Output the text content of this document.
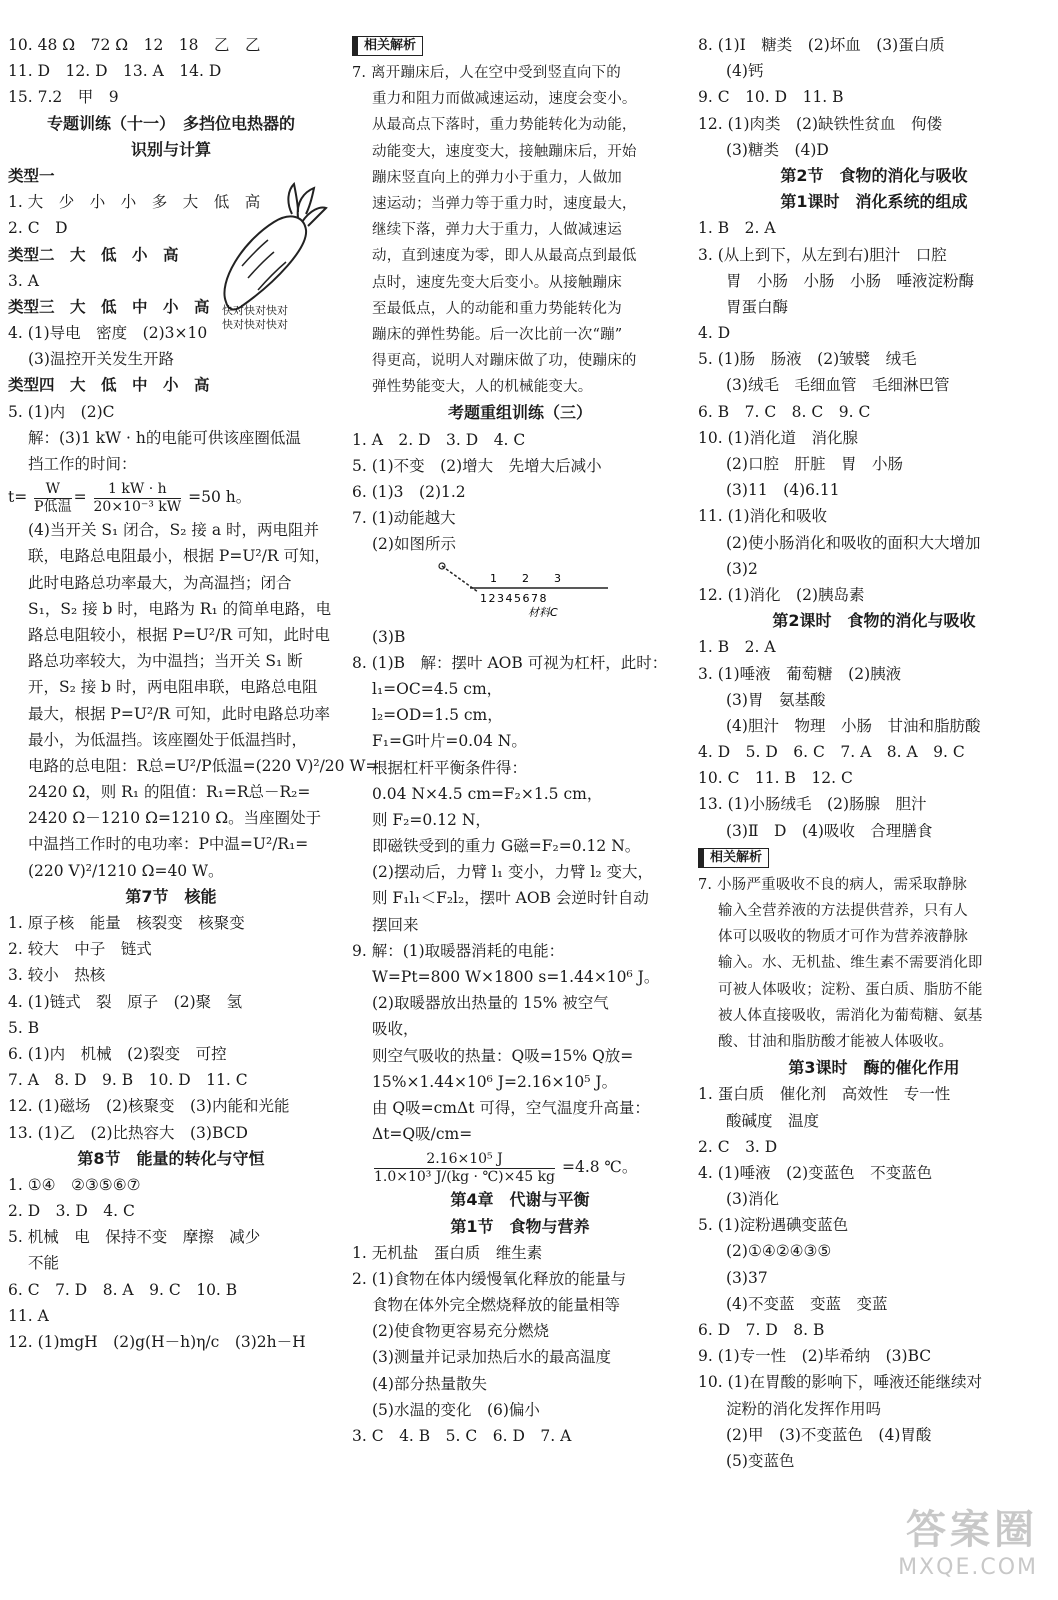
10. 48 Ω　72 Ω　12　18　乙　乙
11. D　12. D　13. A　14. D
15. 7.2　甲　9
专题训练（十一）　多挡位电热器的
识别与计算
类型一
1. 大　少　小　小　多　大　低　高
2. C　D
类型二　大　低　小　高
3. A
类型三　大　低　中　小　高
4. (1)导电　密度　(2)3×10
(3)温控开关发生开路
类型四　大　低　中　小　高
5. (1)内　(2)C
解：(3)1 kW · h的电能可供该座圈低温
挡工作的时间：
$t= \frac{W}{\text{P低温}} = \frac{1 kW \cdot h}{\text{20×10⁻³ kW}} =50$ h。
(4)当开关 S₁ 闭合，S₂ 接 a 时，两电阻并
联，电路总电阻最小，根据 P=U²/R 可知，
此时电路总功率最大，为高温挡；闭合
S₁，S₂ 接 b 时，电路为 R₁ 的简单电路，电
路总电阻较小，根据 P=U²/R 可知，此时电
路总功率较大，为中温挡；当开关 S₁ 断
开，S₂ 接 b 时，两电阻串联，电路总电阻
最大，根据 P=U²/R 可知，此时电路总功率
最小，为低温挡。该座圈处于低温挡时，
电路的总电阻：R总=U²/P低温=(220 V)²/20 W=
2420 Ω，则 R₁ 的阻值：R₁=R总－R₂=
2420 Ω－1210 Ω=1210 Ω。当座圈处于
中温挡工作时的电功率：P中温=U²/R₁=
(220 V)²/1210 Ω=40 W。
第7节　核能
1. 原子核　能量　核裂变　核聚变
2. 较大　中子　链式
3. 较小　热核
4. (1)链式　裂　原子　(2)聚　氢
5. B
6. (1)内　机械　(2)裂变　可控
7. A　8. D　9. B　10. D　11. C
12. (1)磁场　(2)核聚变　(3)内能和光能
13. (1)乙　(2)比热容大　(3)BCD
第8节　能量的转化与守恒
1. ①④　②③⑤⑥⑦
2. D　3. D　4. C
5. 机械　电　保持不变　摩擦　减少
不能
6. C　7. D　8. A　9. C　10. B
11. A
12. (1)mgH　(2)g(H－h)η/c　(3)2h－H
快对快对快对
快对快对快对
相关解析
7. 离开蹦床后，人在空中受到竖直向下的
重力和阻力而做减速运动，速度会变小。
从最高点下落时，重力势能转化为动能，
动能变大，速度变大，接触蹦床后，开始
蹦床竖直向上的弹力小于重力，人做加
速运动；当弹力等于重力时，速度最大，
继续下落，弹力大于重力，人做减速运
动，直到速度为零，即人从最高点到最低
点时，速度先变大后变小。从接触蹦床
至最低点，人的动能和重力势能转化为
蹦床的弹性势能。后一次比前一次“蹦”
得更高，说明人对蹦床做了功，使蹦床的
弹性势能变大，人的机械能变大。
考题重组训练（三）
1. A　2. D　3. D　4. C
5. (1)不变　(2)增大　先增大后减小
6. (1)3　(2)1.2
7. (1)动能越大
(2)如图所示
1 2 3
12345678
材料C
(3)B
8. (1)B　解：摆叶 AOB 可视为杠杆，此时：
l₁=OC=4.5 cm，
l₂=OD=1.5 cm，
F₁=G叶片=0.04 N。
根据杠杆平衡条件得：
0.04 N×4.5 cm=F₂×1.5 cm，
则 F₂=0.12 N，
即磁铁受到的重力 G磁=F₂=0.12 N。
(2)摆动后，力臂 l₁ 变小，力臂 l₂ 变大，
则 F₁l₁＜F₂l₂，摆叶 AOB 会逆时针自动
摆回来
9. 解：(1)取暖器消耗的电能：
W=Pt=800 W×1800 s=1.44×10⁶ J。
(2)取暖器放出热量的 15% 被空气
吸收，
则空气吸收的热量：Q吸=15% Q放=
15%×1.44×10⁶ J=2.16×10⁵ J。
由 Q吸=cmΔt 可得，空气温度升高量：
Δt=Q吸/cm=
$\frac{\text{2.16×10⁵ J}}{\text{1.0×10³ J/(kg · ℃)×45 kg}} =4.8$ ℃。
第4章　代谢与平衡
第1节　食物与营养
1. 无机盐　蛋白质　维生素
2. (1)食物在体内缓慢氧化释放的能量与
食物在体外完全燃烧释放的能量相等
(2)使食物更容易充分燃烧
(3)测量并记录加热后水的最高温度
(4)部分热量散失
(5)水温的变化　(6)偏小
3. C　4. B　5. C　6. D　7. A
8. (1)Ⅰ　糖类　(2)坏血　(3)蛋白质
(4)钙
9. C　10. D　11. B
12. (1)肉类　(2)缺铁性贫血　佝偻
(3)糖类　(4)D
第2节　食物的消化与吸收
第1课时　消化系统的组成
1. B　2. A
3. (从上到下，从左到右)胆汁　口腔
胃　小肠　小肠　小肠　唾液淀粉酶
胃蛋白酶
4. D
5. (1)肠　肠液　(2)皱襞　绒毛
(3)绒毛　毛细血管　毛细淋巴管
6. B　7. C　8. C　9. C
10. (1)消化道　消化腺
(2)口腔　肝脏　胃　小肠
(3)11　(4)6.11
11. (1)消化和吸收
(2)使小肠消化和吸收的面积大大增加
(3)2
12. (1)消化　(2)胰岛素
第2课时　食物的消化与吸收
1. B　2. A
3. (1)唾液　葡萄糖　(2)胰液
(3)胃　氨基酸
(4)胆汁　物理　小肠　甘油和脂肪酸
4. D　5. D　6. C　7. A　8. A　9. C
10. C　11. B　12. C
13. (1)小肠绒毛　(2)肠腺　胆汁
(3)Ⅱ　D　(4)吸收　合理膳食
相关解析
7. 小肠严重吸收不良的病人，需采取静脉
输入全营养液的方法提供营养，只有人
体可以吸收的物质才可作为营养液静脉
输入。水、无机盐、维生素不需要消化即
可被人体吸收；淀粉、蛋白质、脂肪不能
被人体直接吸收，需消化为葡萄糖、氨基
酸、甘油和脂肪酸才能被人体吸收。
第3课时　酶的催化作用
1. 蛋白质　催化剂　高效性　专一性
酸碱度　温度
2. C　3. D
4. (1)唾液　(2)变蓝色　不变蓝色
(3)消化
5. (1)淀粉遇碘变蓝色
(2)①④②④③⑤
(3)37
(4)不变蓝　变蓝　变蓝
6. D　7. D　8. B
9. (1)专一性　(2)毕希纳　(3)BC
10. (1)在胃酸的影响下，唾液还能继续对
淀粉的消化发挥作用吗
(2)甲　(3)不变蓝色　(4)胃酸
(5)变蓝色
答案圈
MXQE.COM
